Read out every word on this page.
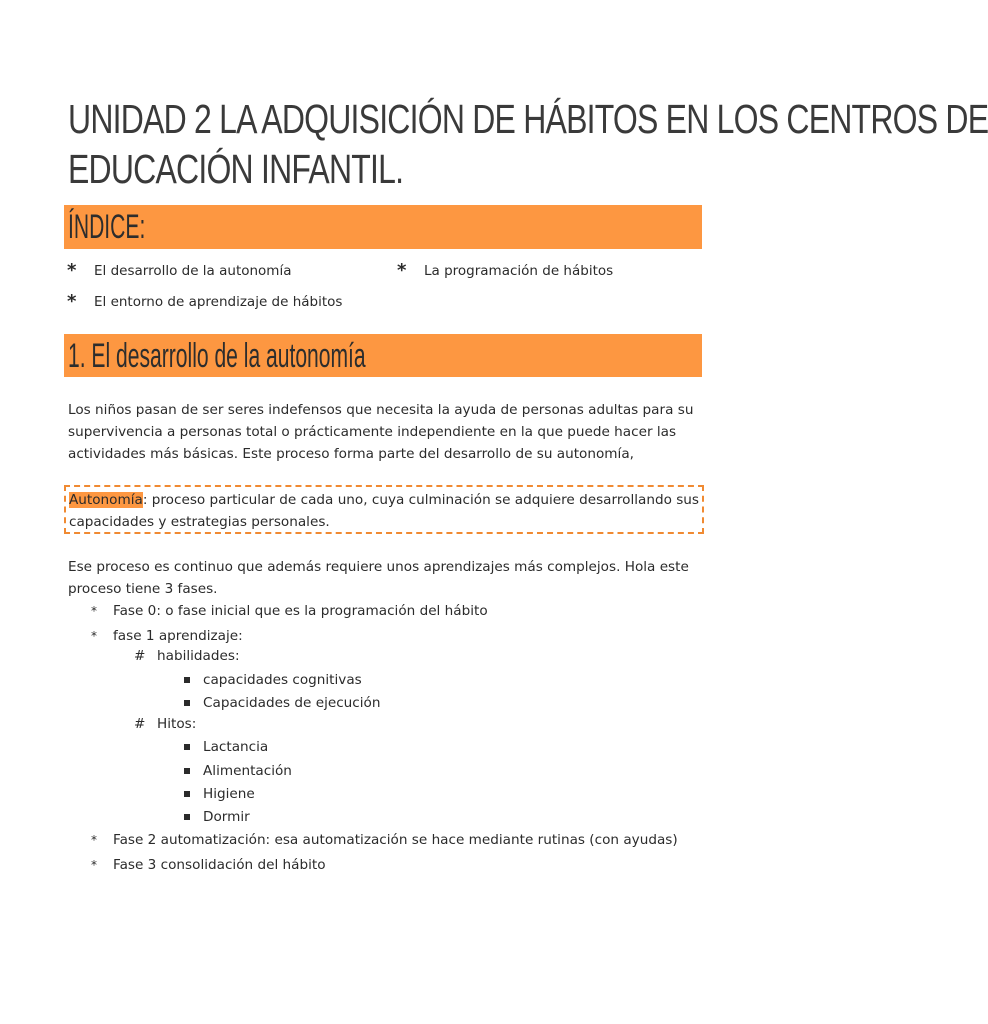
UNIDAD 2 LA ADQUISICIÓN DE HÁBITOS EN LOS CENTROS DE
EDUCACIÓN INFANTIL.
ÍNDICE:
* El desarrollo de la autonomía	* La programación de hábitos
* El entorno de aprendizaje de hábitos
1. El desarrollo de la autonomía
Los niños pasan de ser seres indefensos que necesita la ayuda de personas adultas para su supervivencia a personas total o prácticamente independiente en la que puede hacer las actividades más básicas. Este proceso forma parte del desarrollo de su autonomía,
Autonomía: proceso particular de cada uno, cuya culminación se adquiere desarrollando sus capacidades y estrategias personales.
Ese proceso es continuo que además requiere unos aprendizajes más complejos. Hola este proceso tiene 3 fases.
* Fase 0: o fase inicial que es la programación del hábito
* fase 1 aprendizaje:
# habilidades:
capacidades cognitivas
Capacidades de ejecución
# Hitos:
Lactancia
Alimentación
Higiene
Dormir
* Fase 2 automatización: esa automatización se hace mediante rutinas (con ayudas)
* Fase 3 consolidación del hábito
